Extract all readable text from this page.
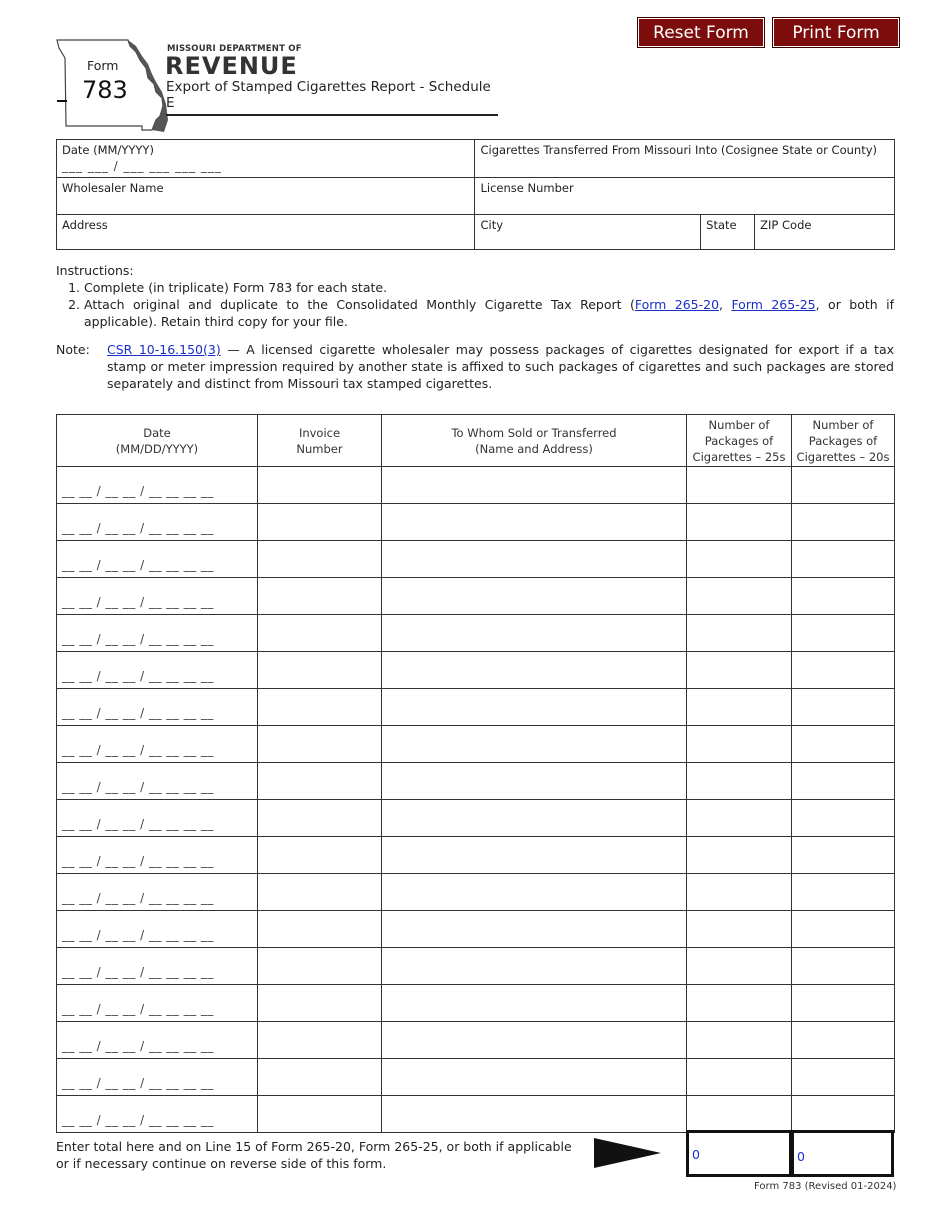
Reset Form	Print Form
Form
783
MISSOURI DEPARTMENT OF
REVENUE
Export of Stamped Cigarettes Report - Schedule E
Date (MM/YYYY)
___ ___ / ___ ___ ___ ___	Cigarettes Transferred From Missouri Into (Cosignee State or County)		
Wholesaler Name	License Number		
Address	City	State	ZIP Code
Instructions:
1. Complete (in triplicate) Form 783 for each state.
2. Attach original and duplicate to the Consolidated Monthly Cigarette Tax Report (Form 265-20, Form 265-25, or both if applicable). Retain third copy for your file.
Note:	CSR 10-16.150(3) — A licensed cigarette wholesaler may possess packages of cigarettes designated for export if a tax stamp or meter impression required by another state is affixed to such packages of cigarettes and such packages are stored separately and distinct from Missouri tax stamped cigarettes.
Date
(MM/DD/YYYY)	Invoice
Number	To Whom Sold or Transferred
(Name and Address)	Number of
Packages of
Cigarettes – 25s	Number of
Packages of
Cigarettes – 20s
__ __ / __ __ / __ __ __ __				
__ __ / __ __ / __ __ __ __				
__ __ / __ __ / __ __ __ __				
__ __ / __ __ / __ __ __ __				
__ __ / __ __ / __ __ __ __				
__ __ / __ __ / __ __ __ __				
__ __ / __ __ / __ __ __ __				
__ __ / __ __ / __ __ __ __				
__ __ / __ __ / __ __ __ __				
__ __ / __ __ / __ __ __ __				
__ __ / __ __ / __ __ __ __				
__ __ / __ __ / __ __ __ __				
__ __ / __ __ / __ __ __ __				
__ __ / __ __ / __ __ __ __				
__ __ / __ __ / __ __ __ __				
__ __ / __ __ / __ __ __ __				
__ __ / __ __ / __ __ __ __				
__ __ / __ __ / __ __ __ __				
Enter total here and on Line 15 of Form 265-20, Form 265-25, or both if applicable or if necessary continue on reverse side of this form.
0	0
Form 783 (Revised 01-2024)
